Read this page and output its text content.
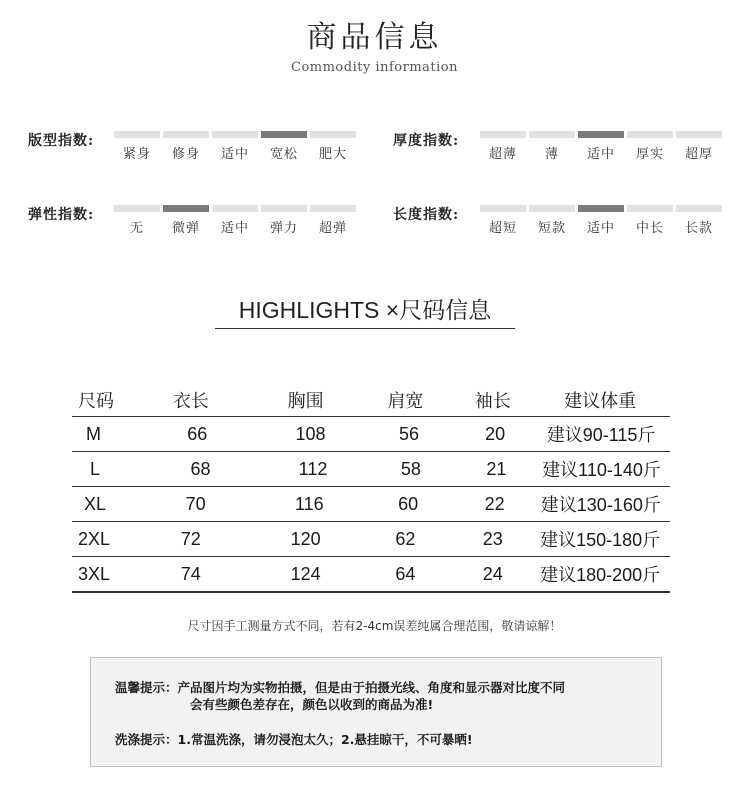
商品信息
Commodity information
版型指数:
紧身 修身 适中 宽松 肥大
厚度指数:
超薄 薄 适中 厚实 超厚
弹性指数:
无 微弹 适中 弹力 超弹
长度指数:
超短 短款 适中 中长 长款
HIGHLIGHTS ×尺码信息
尺码	衣长	胸围	肩宽	袖长	建议体重
M	66	108	56	20	建议90-115斤
L	68	112	58	21	建议110-140斤
XL	70	116	60	22	建议130-160斤
2XL	72	120	62	23	建议150-180斤
3XL	74	124	64	24	建议180-200斤
尺寸因手工测量方式不同，若有2-4cm误差纯属合理范围，敬请谅解！
温馨提示：产品图片均为实物拍摄，但是由于拍摄光线、角度和显示器对比度不同
会有些颜色差存在，颜色以收到的商品为准!
洗涤提示：1.常温洗涤，请勿浸泡太久；2.悬挂晾干，不可暴晒!
